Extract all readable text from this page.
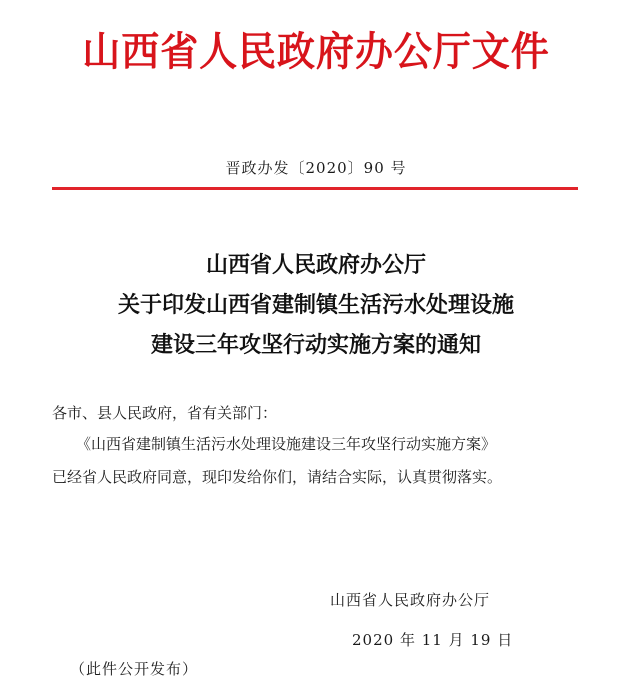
山西省人民政府办公厅文件
晋政办发〔2020〕90 号
山西省人民政府办公厅
关于印发山西省建制镇生活污水处理设施
建设三年攻坚行动实施方案的通知
各市、县人民政府，省有关部门：
《山西省建制镇生活污水处理设施建设三年攻坚行动实施方案》
已经省人民政府同意，现印发给你们，请结合实际，认真贯彻落实。
山西省人民政府办公厅
2020 年 11 月 19 日
（此件公开发布）
